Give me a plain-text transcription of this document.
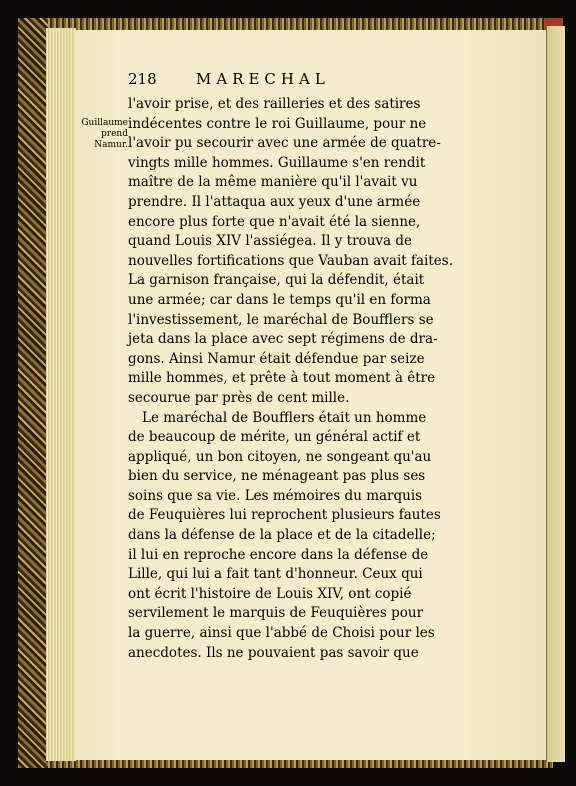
218	MARECHAL
Guillaume
prend
Namur.
l'avoir prise, et des railleries et des satires
indécentes contre le roi Guillaume, pour ne
l'avoir pu secourir avec une armée de quatre-
vingts mille hommes. Guillaume s'en rendit
maître de la même manière qu'il l'avait vu
prendre. Il l'attaqua aux yeux d'une armée
encore plus forte que n'avait été la sienne,
quand Louis XIV l'assiégea. Il y trouva de
nouvelles fortifications que Vauban avait faites.
La garnison française, qui la défendit, était
une armée; car dans le temps qu'il en forma
l'investissement, le maréchal de Boufflers se
jeta dans la place avec sept régimens de dra-
gons. Ainsi Namur était défendue par seize
mille hommes, et prête à tout moment à être
secourue par près de cent mille.
Le maréchal de Boufflers était un homme
de beaucoup de mérite, un général actif et
appliqué, un bon citoyen, ne songeant qu'au
bien du service, ne ménageant pas plus ses
soins que sa vie. Les mémoires du marquis
de Feuquières lui reprochent plusieurs fautes
dans la défense de la place et de la citadelle;
il lui en reproche encore dans la défense de
Lille, qui lui a fait tant d'honneur. Ceux qui
ont écrit l'histoire de Louis XIV, ont copié
servilement le marquis de Feuquières pour
la guerre, ainsi que l'abbé de Choisi pour les
anecdotes. Ils ne pouvaient pas savoir que
